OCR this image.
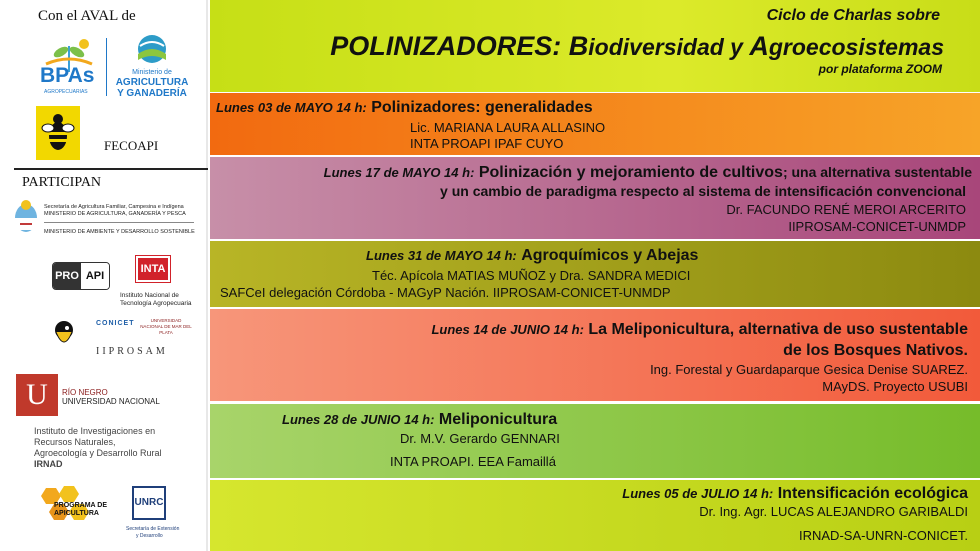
Con el AVAL de
BPAs
AGROPECUARIAS
Ministerio de
AGRICULTURA
Y GANADERÍA
FECOAPI
PARTICIPAN
Secretaría de Agricultura Familiar, Campesina e Indígena
MINISTERIO DE AGRICULTURA, GANADERÍA Y PESCA
MINISTERIO DE AMBIENTE Y DESARROLLO SOSTENIBLE
PRO API
INTA
Instituto Nacional de
Tecnología Agropecuaria
CONICET	UNIVERSIDAD NACIONAL DE MAR DEL PLATA
IIPROSAM
U	RÍO NEGRO
UNIVERSIDAD NACIONAL
Instituto de Investigaciones en
Recursos Naturales,
Agroecología y Desarrollo Rural
IRNAD
PROGRAMA DE
APICULTURA
UNRC
Secretaría de Extensión
y Desarrollo
Ciclo de Charlas sobre
POLINIZADORES: Biodiversidad y Agroecosistemas
por plataforma ZOOM
Lunes 03 de MAYO 14 h: Polinizadores: generalidades
Lic. MARIANA LAURA ALLASINO
INTA PROAPI IPAF CUYO
Lunes 17 de MAYO 14 h: Polinización y mejoramiento de cultivos; una alternativa sustentable
y un cambio de paradigma respecto al sistema de intensificación convencional
Dr. FACUNDO RENÉ MEROI ARCERITO
IIPROSAM-CONICET-UNMDP
Lunes 31 de MAYO 14 h: Agroquímicos y Abejas
Téc. Apícola MATIAS MUÑOZ y Dra. SANDRA MEDICI
SAFCeI delegación Córdoba - MAGyP Nación. IIPROSAM-CONICET-UNMDP
Lunes 14 de JUNIO 14 h: La Meliponicultura, alternativa de uso sustentable
de los Bosques Nativos.
Ing. Forestal y Guardaparque Gesica Denise SUAREZ.
MAyDS. Proyecto USUBI
Lunes 28 de JUNIO 14 h: Meliponicultura
Dr. M.V. Gerardo GENNARI
INTA PROAPI. EEA Famaillá
Lunes 05 de JULIO 14 h: Intensificación ecológica
Dr. Ing. Agr. LUCAS ALEJANDRO GARIBALDI
IRNAD-SA-UNRN-CONICET.
